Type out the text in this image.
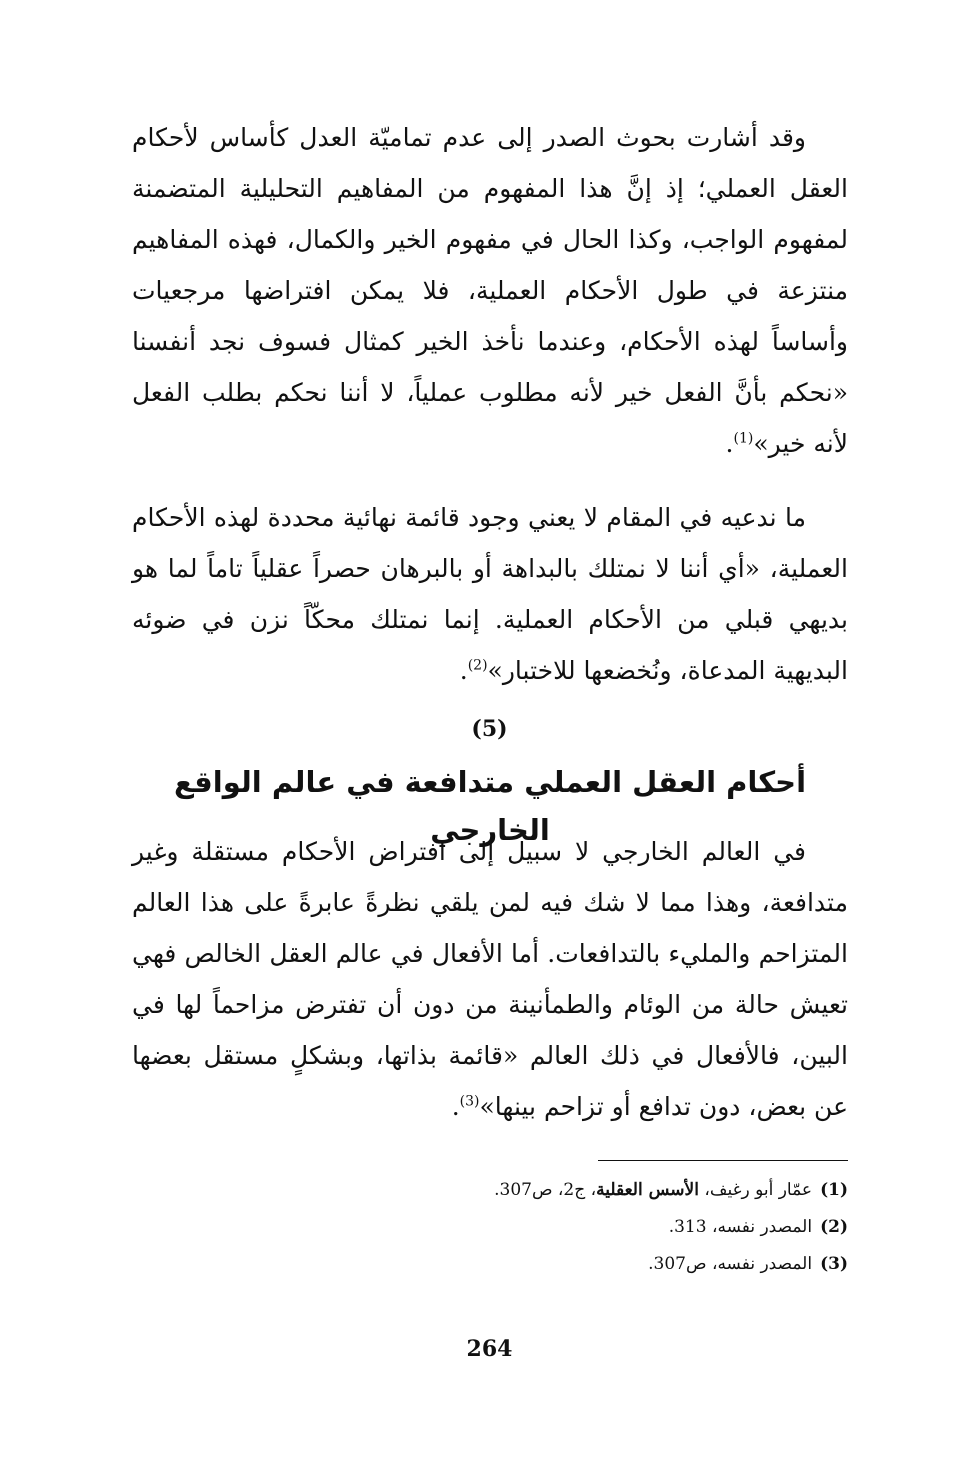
وقد أشارت بحوث الصدر إلى عدم تماميّة العدل كأساس لأحكام العقل العملي؛ إذ إنَّ هذا المفهوم من المفاهيم التحليلية المتضمنة لمفهوم الواجب، وكذا الحال في مفهوم الخير والكمال، فهذه المفاهيم منتزعة في طول الأحكام العملية، فلا يمكن افتراضها مرجعيات وأساساً لهذه الأحكام، وعندما نأخذ الخير كمثال فسوف نجد أنفسنا «نحكم بأنَّ الفعل خير لأنه مطلوب عملياً، لا أننا نحكم بطلب الفعل لأنه خير»$^{(1)}$.

ما ندعيه في المقام لا يعني وجود قائمة نهائية محددة لهذه الأحكام العملية، «أي أننا لا نمتلك بالبداهة أو بالبرهان حصراً عقلياً تاماً لما هو بديهي قبلي من الأحكام العملية. إنما نمتلك محكّاً نزن في ضوئه البديهية المدعاة، ونُخضعها للاختبار»$^{(2)}$.

(5)
أحكام العقل العملي متدافعة في عالم الواقع الخارجي

في العالم الخارجي لا سبيل إلى افتراض الأحكام مستقلة وغير متدافعة، وهذا مما لا شك فيه لمن يلقي نظرةً عابرةً على هذا العالم المتزاحم والمليء بالتدافعات. أما الأفعال في عالم العقل الخالص فهي تعيش حالة من الوئام والطمأنينة من دون أن تفترض مزاحماً لها في البين، فالأفعال في ذلك العالم «قائمة بذاتها، وبشكلٍ مستقل بعضها عن بعض، دون تدافع أو تزاحم بينها»$^{(3)}$.

(1)عمّار أبو رغيف، الأسس العقلية، ج2، ص307.
(2)المصدر نفسه، 313.
(3)المصدر نفسه، ص307.
264
